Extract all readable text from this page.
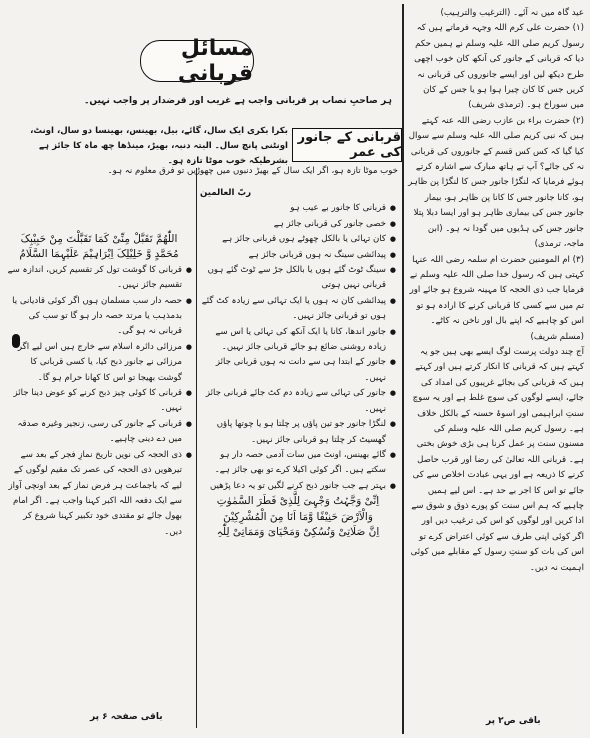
مسائلِ قربانی
ہر صاحبِ نصاب پر قربانی واجب ہے غریب اور قرضدار پر واجب نہیں۔
قربانی کے جانور کی عمر
بکرا بکری ایک سال، گائے، بیل، بھینس، بھینسا دو سال، اونٹ، اونٹنی پانچ سال۔ البتہ دنبہ، بھیڑ، مینڈھا چھ ماہ کا جائز ہے بشرطیکہ خوب موٹا تازہ ہو۔

خوب موٹا تازہ ہو، اگر ایک سال کے بھیڑ دنبوں میں چھوڑیں تو فرق معلوم نہ ہو۔

ربّ العالمین

● قربانی کا جانور بے عیب ہو

● خصی جانور کی قربانی جائز ہے

● کان تہائی یا بالکل چھوٹے ہوں قربانی جائز ہے

● پیدائشی سینگ نہ ہوں قربانی جائز ہے

● سینگ ٹوٹ گئے ہوں یا بالکل جڑ سے ٹوٹ گئے ہوں قربانی نہیں ہوتی

● پیدائشی کان نہ ہوں یا ایک تہائی سے زیادہ کٹ گئے ہوں تو قربانی جائز نہیں۔

● جانور اندھا، کانا یا ایک آنکھ کی تہائی یا اس سے زیادہ روشنی ضائع ہو جائے قربانی جائز نہیں۔

● جانور کے ابتدا ہی سے دانت نہ ہوں قربانی جائز نہیں۔

● جانور کی تہائی سے زیادہ دم کٹ جائے قربانی جائز نہیں۔

● لنگڑا جانور جو تین پاؤں پر چلتا ہو یا چوتھا پاؤں گھسیٹ کر چلتا ہو قربانی جائز نہیں۔

● گائے بھینس، اونٹ میں سات آدمی حصہ دار ہو سکتے ہیں۔ اگر کوئی اکیلا کرے تو بھی جائز ہے۔

● بہتر ہے جب جانور ذبح کرنے لگیں تو یہ دعا پڑھیں

اِنِّیْ وَجَّہْتُ وَجْہِیَ لِلَّذِیْ فَطَرَ السَّمٰوٰتِ

وَالْاَرْضَ حَنِیْفًا وَّمَا اَنَا مِنَ الْمُشْرِکِیْنَ

اِنَّ صَلَاتِیْ وَنُسُکِیْ وَمَحْیَایَ وَمَمَاتِیْ لِلّٰہِ

اللّٰھُمَّ تَقَبَّلْ مِنِّیْ کَمَا تَقَبَّلْتَ مِنْ حَبِیْبِکَ

مُحَمَّدٍ وَّ خَلِیْلِکَ اِبْرَاہِیْمَ عَلَیْہِمَا السَّلَامُ

● قربانی کا گوشت تول کر تقسیم کریں، اندازہ سے تقسیم جائز نہیں۔

● حصہ دار سب مسلمان ہوں اگر کوئی قادیانی یا بدمذہب یا مرتد حصہ دار ہو گا تو سب کی قربانی نہ ہو گی۔

● مرزائی دائرہ اسلام سے خارج ہیں اس لیے اگر مرزائی نے جانور ذبح کیا، یا کسی قربانی کا گوشت بھیجا تو اس کا کھانا حرام ہو گا۔

● قربانی کا کوئی چیز ذبح کرنے کو عوض دینا جائز نہیں۔

● قربانی کے جانور کی رسی، زنجیر وغیرہ صدقہ میں دے دینی چاہیے۔

● ذی الحجہ کی نویں تاریخ نمازِ فجر کے بعد سے تیرھویں ذی الحجہ کی عصر تک مقیم لوگوں کے لیے کہ باجماعت ہر فرض نماز کے بعد اونچی آواز سے ایک دفعہ اللہ اکبر کہنا واجب ہے۔ اگر امام بھول جائے تو مقتدی خود تکبیر کہنا شروع کر دیں۔

باقی صفحہ ۶ پر

عید گاہ میں نہ آئے۔ (الترغیب والترہیب)

(۱) حضرت علی کرم اللہ وجہہ فرماتے ہیں کہ رسول کریم صلی اللہ علیہ وسلم نے ہمیں حکم دیا کہ قربانی کے جانور کی آنکھ کان خوب اچھی طرح دیکھ لیں اور ایسے جانوروں کی قربانی نہ کریں جس کا کان چیرا ہوا ہو یا جس کے کان میں سوراخ ہو۔ (ترمذی شریف)

(۲) حضرت براء بن عازب رضی اللہ عنہ کہتے ہیں کہ نبی کریم صلی اللہ علیہ وسلم سے سوال کیا گیا کہ کس کس قسم کے جانوروں کی قربانی نہ کی جائے؟ آپ نے ہاتھ مبارک سے اشارہ کرتے ہوئے فرمایا کہ لنگڑا جانور جس کا لنگڑا پن ظاہر ہو، کانا جانور جس کا کانا پن ظاہر ہو، بیمار جانور جس کی بیماری ظاہر ہو اور ایسا دبلا پتلا جانور جس کی ہڈیوں میں گودا نہ ہو۔ (ابن ماجہ، ترمذی)

(۳) ام المومنین حضرت ام سلمہ رضی اللہ عنہا کہتی ہیں کہ رسول خدا صلی اللہ علیہ وسلم نے فرمایا جب ذی الحجہ کا مہینہ شروع ہو جائے اور تم میں سے کسی کا قربانی کرنے کا ارادہ ہو تو اس کو چاہیے کہ اپنے بال اور ناخن نہ کاٹے۔ (مسلم شریف)

آج چند دولت پرست لوگ ایسے بھی ہیں جو یہ کہتے ہیں کہ قربانی کا انکار کرتے ہیں اور کہتے ہیں کہ قربانی کی بجائے غریبوں کی امداد کی جائے، ایسے لوگوں کی سوچ غلط ہے اور یہ سوچ سنتِ ابراہیمی اور اسوۂ حسنہ کے بالکل خلاف ہے۔ رسول کریم صلی اللہ علیہ وسلم کی مسنون سنت پر عمل کرنا ہی بڑی خوش بختی ہے۔ قربانی اللہ تعالیٰ کی رضا اور قرب حاصل کرنے کا ذریعہ ہے اور یہی عبادت اخلاص سے کی جائے تو اس کا اجر بے حد ہے۔ اس لیے ہمیں چاہیے کہ ہم اس سنت کو پورے ذوق و شوق سے ادا کریں اور لوگوں کو اس کی ترغیب دیں اور اگر کوئی اپنی طرف سے کوئی اعتراض کرے تو اس کی بات کو سنتِ رسول کے مقابلے میں کوئی اہمیت نہ دیں۔

باقی ص۲ پر
